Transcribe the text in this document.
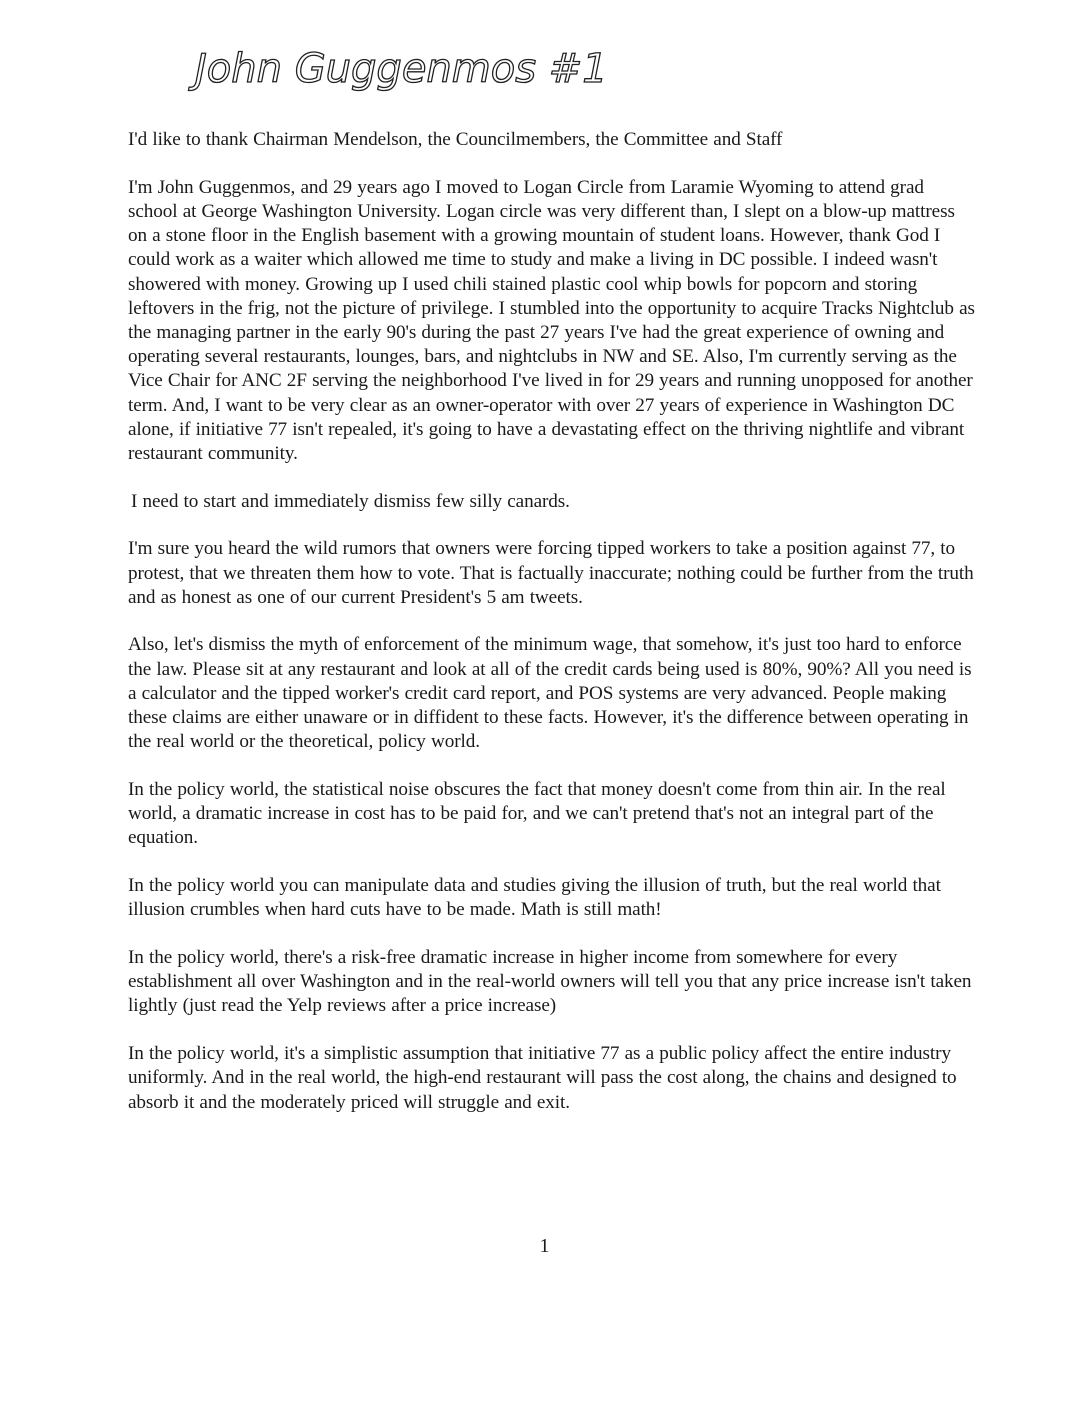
John Guggenmos #1

I'd like to thank Chairman Mendelson, the Councilmembers, the Committee and Staff

I'm John Guggenmos, and 29 years ago I moved to Logan Circle from Laramie Wyoming to attend grad school at George Washington University. Logan circle was very different than, I slept on a blow-up mattress on a stone floor in the English basement with a growing mountain of student loans. However, thank God I could work as a waiter which allowed me time to study and make a living in DC possible. I indeed wasn't showered with money. Growing up I used chili stained plastic cool whip bowls for popcorn and storing leftovers in the frig, not the picture of privilege. I stumbled into the opportunity to acquire Tracks Nightclub as the managing partner in the early 90's during the past 27 years I've had the great experience of owning and operating several restaurants, lounges, bars, and nightclubs in NW and SE. Also, I'm currently serving as the Vice Chair for ANC 2F serving the neighborhood I've lived in for 29 years and running unopposed for another term. And, I want to be very clear as an owner-operator with over 27 years of experience in Washington DC alone, if initiative 77 isn't repealed, it's going to have a devastating effect on the thriving nightlife and vibrant restaurant community.

I need to start and immediately dismiss few silly canards.

I'm sure you heard the wild rumors that owners were forcing tipped workers to take a position against 77, to protest, that we threaten them how to vote. That is factually inaccurate; nothing could be further from the truth and as honest as one of our current President's 5 am tweets.

Also, let's dismiss the myth of enforcement of the minimum wage, that somehow, it's just too hard to enforce the law. Please sit at any restaurant and look at all of the credit cards being used is 80%, 90%? All you need is a calculator and the tipped worker's credit card report, and POS systems are very advanced. People making these claims are either unaware or in diffident to these facts. However, it's the difference between operating in the real world or the theoretical, policy world.

In the policy world, the statistical noise obscures the fact that money doesn't come from thin air. In the real world, a dramatic increase in cost has to be paid for, and we can't pretend that's not an integral part of the equation.

In the policy world you can manipulate data and studies giving the illusion of truth, but the real world that illusion crumbles when hard cuts have to be made. Math is still math!

In the policy world, there's a risk-free dramatic increase in higher income from somewhere for every establishment all over Washington and in the real-world owners will tell you that any price increase isn't taken lightly (just read the Yelp reviews after a price increase)

In the policy world, it's a simplistic assumption that initiative 77 as a public policy affect the entire industry uniformly. And in the real world, the high-end restaurant will pass the cost along, the chains and designed to absorb it and the moderately priced will struggle and exit.

1
